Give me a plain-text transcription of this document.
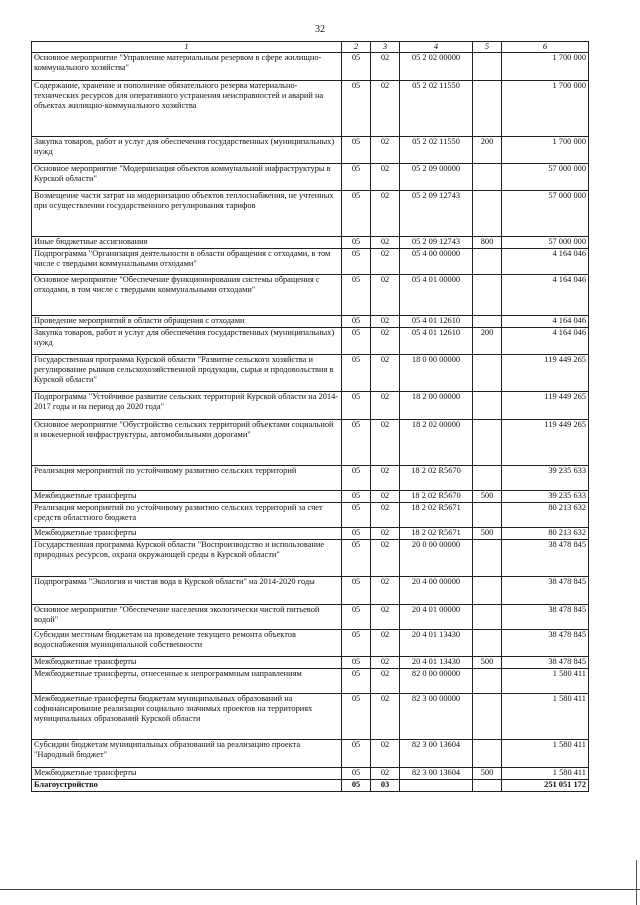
32
1	2	3	4	5	6
Основное мероприятие "Управление материальным резервом в сфере жилищно-коммунального хозяйства"	05	02	05 2 02 00000		1 700 000
Содержание, хранение и пополнение обязательного резерва материально-технических ресурсов для оперативного устранения неисправностей и аварий на объектах жилищно-коммунального хозяйства	05	02	05 2 02 11550		1 700 000
Закупка товаров, работ и услуг для обеспечения государственных (муниципальных) нужд	05	02	05 2 02 11550	200	1 700 000
Основное мероприятие "Модернизация объектов коммунальной инфраструктуры в Курской области"	05	02	05 2 09 00000		57 000 000
Возмещение части затрат на модернизацию объектов теплоснабжения, не учтенных при осуществлении государственного регулирования тарифов	05	02	05 2 09 12743		57 000 000
Иные бюджетные ассигнования	05	02	05 2 09 12743	800	57 000 000
Подпрограмма "Организация деятельности в области обращения с отходами, в том числе с твердыми коммунальными отходами"	05	02	05 4 00 00000		4 164 046
Основное мероприятие "Обеспечение функционирования системы обращения с отходами, в том числе с твердыми коммунальными отходами"	05	02	05 4 01 00000		4 164 046
Проведение мероприятий в области обращения с отходами	05	02	05 4 01 12610		4 164 046
Закупка товаров, работ и услуг для обеспечения государственных (муниципальных) нужд	05	02	05 4 01 12610	200	4 164 046
Государственная программа Курской области "Развитие сельского хозяйства и регулирование рынков сельскохозяйственной продукции, сырья и продовольствия в Курской области"	05	02	18 0 00 00000		119 449 265
Подпрограмма "Устойчивое развитие сельских территорий Курской области на 2014-2017 годы и на период до 2020 года"	05	02	18 2 00 00000		119 449 265
Основное мероприятие "Обустройство сельских территорий объектами социальной и инженерной инфраструктуры, автомобильными дорогами"	05	02	18 2 02 00000		119 449 265
Реализация мероприятий по устойчивому развитию сельских территорий	05	02	18 2 02 R5670		39 235 633
Межбюджетные трансферты	05	02	18 2 02 R5670	500	39 235 633
Реализация мероприятий по устойчивому развитию сельских территорий за счет средств областного бюджета	05	02	18 2 02 R5671		80 213 632
Межбюджетные трансферты	05	02	18 2 02 R5671	500	80 213 632
Государственная программа Курской области "Воспроизводство и использование природных ресурсов, охрана окружающей среды в Курской области"	05	02	20 0 00 00000		38 478 845
Подпрограмма "Экология и чистая вода в Курской области" на 2014-2020 годы	05	02	20 4 00 00000		38 478 845
Основное мероприятие "Обеспечение населения экологически чистой питьевой водой"	05	02	20 4 01 00000		38 478 845
Субсидии местным бюджетам на проведение текущего ремонта объектов водоснабжения муниципальной собственности	05	02	20 4 01 13430		38 478 845
Межбюджетные трансферты	05	02	20 4 01 13430	500	38 478 845
Межбюджетные трансферты, отнесенные к непрограммным направлениям	05	02	82 0 00 00000		1 580 411
Межбюджетные трансферты бюджетам муниципальных образований на софинансирование реализации социально значимых проектов на территориях муниципальных образований Курской области	05	02	82 3 00 00000		1 580 411
Субсидии бюджетам муниципальных образований на реализацию проекта "Народный бюджет"	05	02	82 3 00 13604		1 580 411
Межбюджетные трансферты	05	02	82 3 00 13604	500	1 580 411
Благоустройство	05	03			251 051 172
